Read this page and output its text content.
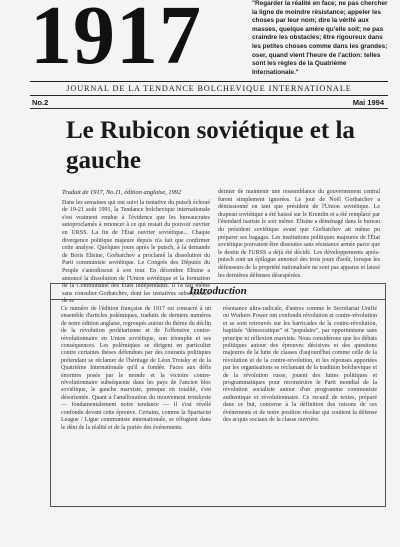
1917	"Regarder la réalité en face; ne pas chercher la ligne de moindre résistance; appeler les choses par leur nom; dire la vérité aux masses, quelque amère qu'elle soit; ne pas craindre les obstacles; être rigoureux dans les petites choses comme dans les grandes; oser, quand vient l'heure de l'action: telles sont les règles de la Quatrième Internationale."
JOURNAL DE LA TENDANCE BOLCHEVIQUE INTERNATIONALE
No.2	Mai 1994
Le Rubicon soviétique et la gauche
Traduit de 1917, No.11, édition anglaise, 1992
Dans les semaines qui ont suivi la tentative du putsch échoué de 19-21 août 1991, la Tendance bolchevique internationale s'est vraiment rendue à l'évidence que les bureaucrates autoproclamés à renoncer à ce qui restait du pouvoir ouvrier en URSS. La fin de l'État ouvrier soviétique... Chaque divergence politique majeure depuis n'a fait que confirmer cette analyse. Quelques jours après le putsch, à la demande de Boris Eltsine, Gorbatchev a proclamé la dissolution du Parti communiste soviétique. Le Congrès des Députés du Peuple s'autodissout à son tour. En décembre Eltsine a annoncé la dissolution de l'Union soviétique et la formation de la Communauté des États Indépendants. Il l'a fait même sans consulter Gorbatchev, dont les tentatives subséquentes de se
dernier de maintenir une ressemblance du gouvernement central furent simplement ignorées. Le jour de Noël Gorbatchev a démissionné en tant que président de l'Union soviétique. Le drapeau soviétique a été baissé sur le Kremlin et a été remplacé par l'étendard tsariste le soir même. Eltsine a déménagé dans le bureau du président soviétique avant que Gorbatchev ait même pu préparer ses bagages. Les institutions politiques majeures de l'État soviétique pouvaient être dissoutes sans résistance armée parce que le destin de l'URSS a déjà été décidé. Les développements après-putsch sont un épilogue annoncé des trois jours d'août, lorsque les défenseurs de la propriété nationalisée ne sont pas apparus et laissé les dernières défenses désespérées.
Introduction
Ce numéro de l'édition française de 1917 est consacré à un ensemble d'articles polémiques, traduits de derniers numéros de notre édition anglaise, regroupés autour du thème du déclin de la révolution prolétarienne et de l'offensive contre-révolutionnaire en Union soviétique, son triomphe et ses conséquences. Les polémiques se dirigent en particulier contre certaines thèses défendues par des courants politiques prétendant se réclamer de l'héritage de Léon Trotsky et de la Quatrième Internationale qu'il a fondée. Faces aux défis énormes posés par le monde et la victoire contre-révolutionnaire subséquente dans les pays de l'ancien bloc soviétique, le gauche marxiste, presque en totalité, s'est désorientée. Quant à l'amélioration du mouvement trotskyste — fondamentalement notre tendance — il s'est révélé confondu devant cette épreuve. Certains, comme la Spartacist League / Ligue communiste internationale, se réfugient dans le déni de la réalité et de la portée des événements.
résonance ultra-radicale, d'autres comme le Secrétariat Unifié ou Workers Power ont confondu révolution et contre-révolution et se sont retrouvés sur les barricades de la contre-révolution, baptisée "démocratique" et "populaire", par opportunisme sans principe ni réflexion marxiste. Nous considérons que les débats politiques autour des épreuves décisives et des questions majeures de la lutte de classes d'aujourd'hui comme celle de la révolution et de la contre-révolution, et les réponses apportées par les organisations se réclamant de la tradition bolchevique et de la révolution russe, jouent des luttes politiques et programmatiques pour reconstruire le Parti mondial de la révolution socialiste autour d'un programme communiste authentique et révolutionnaire. Ce recueil de textes, préparé dans ce but, concerne à la définition des raisons de ces événements et de notre position résolue qui soutient la défense des acquis sociaux de la classe ouvrière.
